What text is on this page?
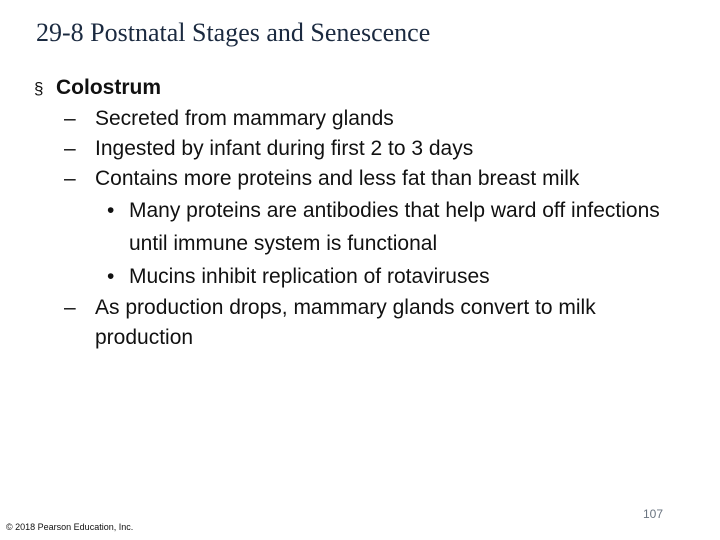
29-8 Postnatal Stages and Senescence
§ Colostrum
– Secreted from mammary glands
– Ingested by infant during first 2 to 3 days
– Contains more proteins and less fat than breast milk
• Many proteins are antibodies that help ward off infections until immune system is functional
• Mucins inhibit replication of rotaviruses
– As production drops, mammary glands convert to milk production
107
© 2018 Pearson Education, Inc.
